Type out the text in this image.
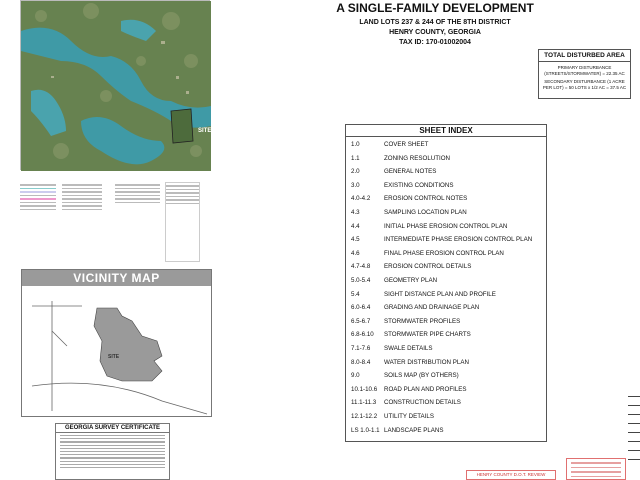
SITE
VICINITY MAP
SITE
GEORGIA SURVEY CERTIFICATE
A SINGLE-FAMILY DEVELOPMENT
LAND LOTS 237 & 244 OF THE 8TH DISTRICT
HENRY COUNTY, GEORGIA
TAX ID: 170-01002004
TOTAL DISTURBED AREA
PRIMARY DISTURBANCE (STREETS/STORMWATER) = 22.35 AC
SECONDARY DISTURBANCE (1 ACRE PER LOT) = 50 LOTS x 1/2 AC = 37.5 AC
SHEET INDEX
1.0	COVER SHEET
1.1	ZONING RESOLUTION
2.0	GENERAL NOTES
3.0	EXISTING CONDITIONS
4.0-4.2 EROSION CONTROL NOTES
4.3	SAMPLING LOCATION PLAN
4.4	INITIAL PHASE EROSION CONTROL PLAN
4.5	INTERMEDIATE PHASE EROSION CONTROL PLAN
4.6	FINAL PHASE EROSION CONTROL PLAN
4.7-4.8 EROSION CONTROL DETAILS
5.0-5.4 GEOMETRY PLAN
5.4	SIGHT DISTANCE PLAN AND PROFILE
6.0-6.4 GRADING AND DRAINAGE PLAN
6.5-6.7 STORMWATER PROFILES
6.8-6.10 STORMWATER PIPE CHARTS
7.1-7.6 SWALE DETAILS
8.0-8.4 WATER DISTRIBUTION PLAN
9.0	SOILS MAP (BY OTHERS)
10.1-10.6 ROAD PLAN AND PROFILES
11.1-11.3 CONSTRUCTION DETAILS
12.1-12.2 UTILITY DETAILS
LS 1.0-1.1 LANDSCAPE PLANS
HENRY COUNTY D.O.T. REVIEW
